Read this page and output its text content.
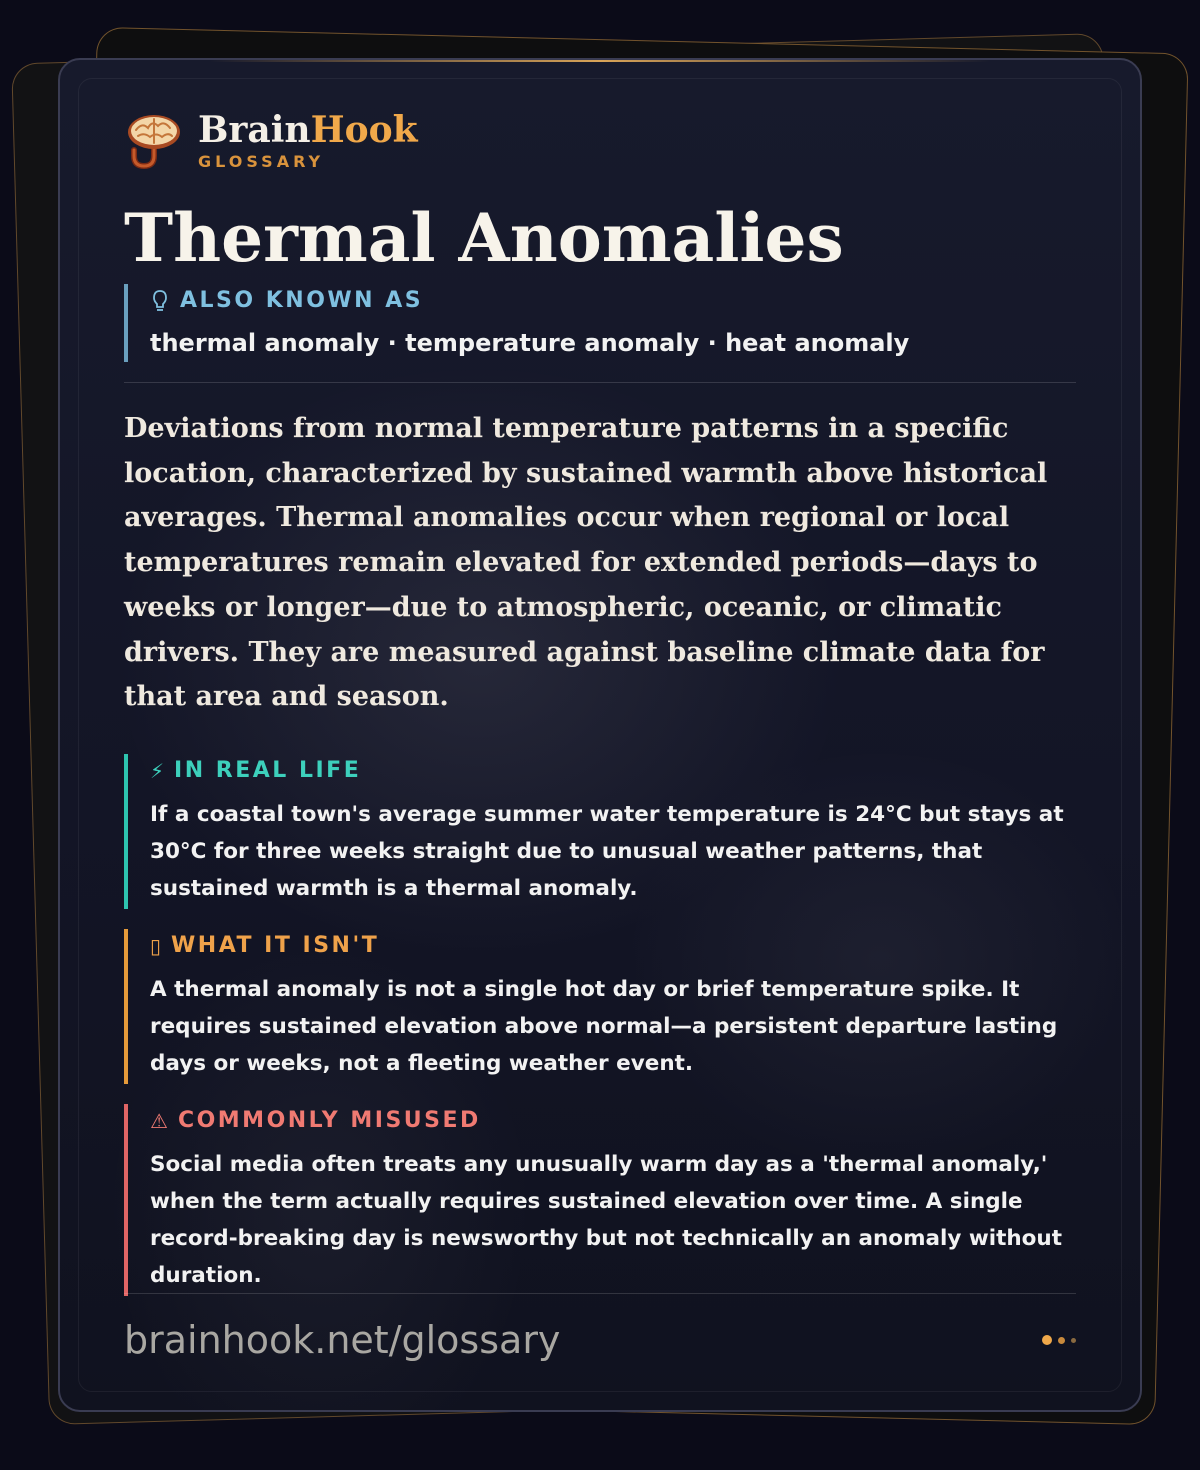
BrainHook
GLOSSARY
Thermal Anomalies
ALSO KNOWN AS
thermal anomaly · temperature anomaly · heat anomaly
Deviations from normal temperature patterns in a specific location, characterized by sustained warmth above historical averages. Thermal anomalies occur when regional or local temperatures remain elevated for extended periods—days to weeks or longer—due to atmospheric, oceanic, or climatic drivers. They are measured against baseline climate data for that area and season.
⚡ IN REAL LIFE
If a coastal town's average summer water temperature is 24°C but stays at 30°C for three weeks straight due to unusual weather patterns, that sustained warmth is a thermal anomaly.
▯ WHAT IT ISN'T
A thermal anomaly is not a single hot day or brief temperature spike. It requires sustained elevation above normal—a persistent departure lasting days or weeks, not a fleeting weather event.
⚠ COMMONLY MISUSED
Social media often treats any unusually warm day as a 'thermal anomaly,' when the term actually requires sustained elevation over time. A single record-breaking day is newsworthy but not technically an anomaly without duration.
brainhook.net/glossary
